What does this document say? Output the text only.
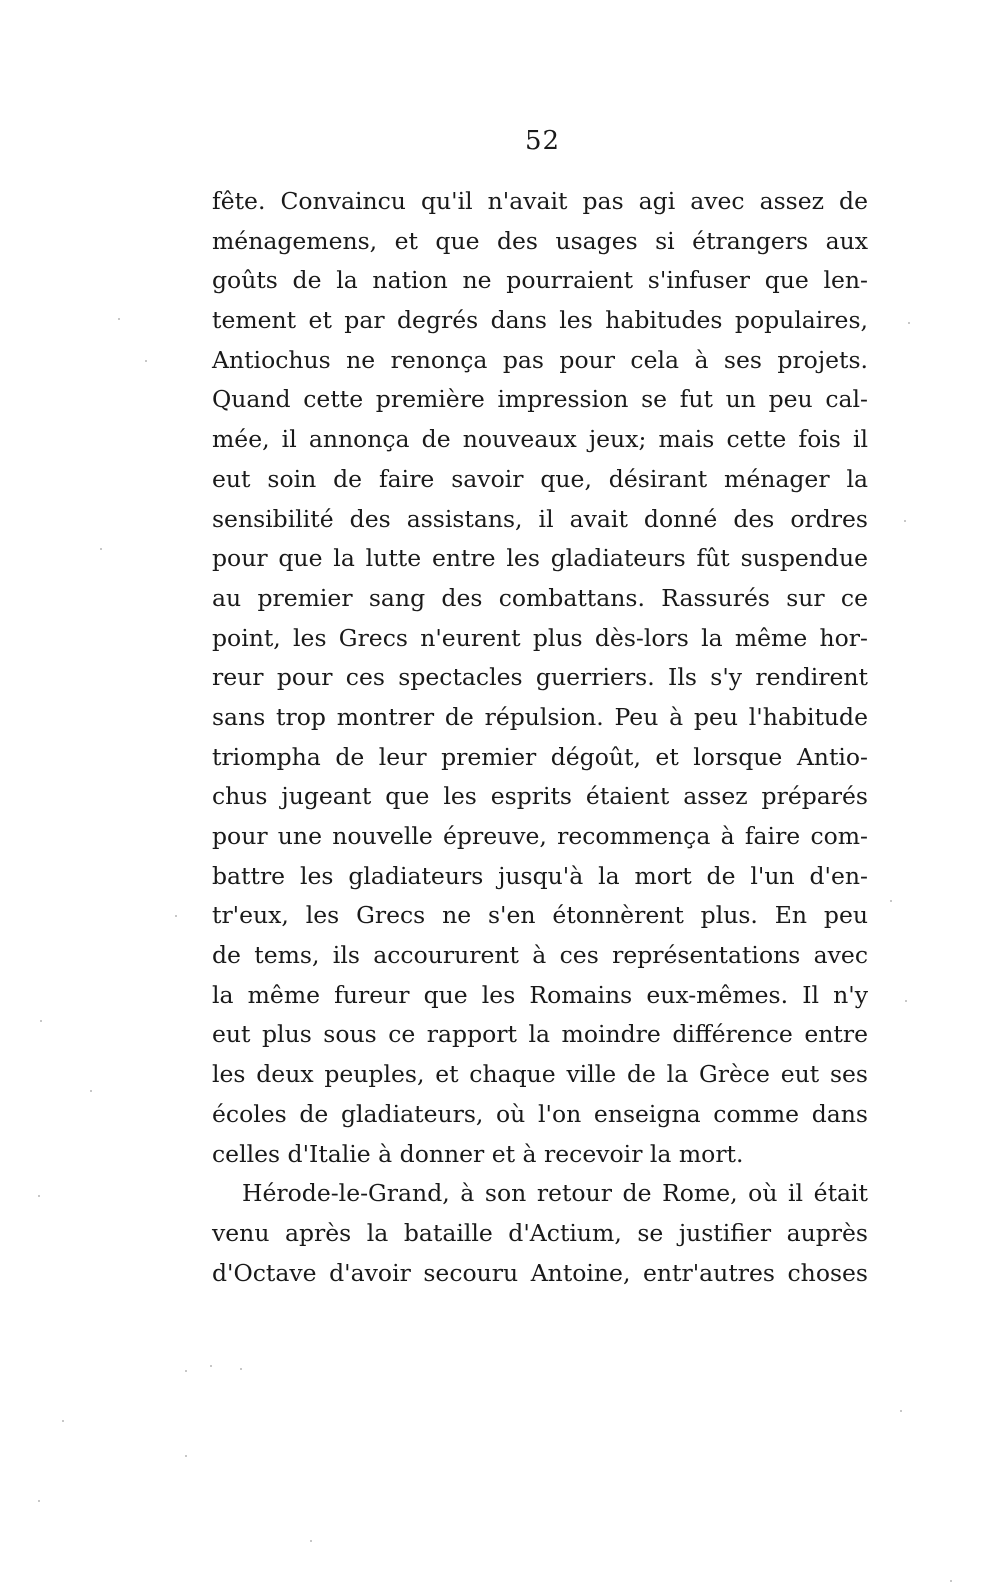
52
fête. Convaincu qu'il n'avait pas agi avec assez de
ménagemens, et que des usages si étrangers aux
goûts de la nation ne pourraient s'infuser que len-
tement et par degrés dans les habitudes populaires,
Antiochus ne renonça pas pour cela à ses projets.
Quand cette première impression se fut un peu cal-
mée, il annonça de nouveaux jeux; mais cette fois il
eut soin de faire savoir que, désirant ménager la
sensibilité des assistans, il avait donné des ordres
pour que la lutte entre les gladiateurs fût suspendue
au premier sang des combattans. Rassurés sur ce
point, les Grecs n'eurent plus dès-lors la même hor-
reur pour ces spectacles guerriers. Ils s'y rendirent
sans trop montrer de répulsion. Peu à peu l'habitude
triompha de leur premier dégoût, et lorsque Antio-
chus jugeant que les esprits étaient assez préparés
pour une nouvelle épreuve, recommença à faire com-
battre les gladiateurs jusqu'à la mort de l'un d'en-
tr'eux, les Grecs ne s'en étonnèrent plus. En peu
de tems, ils accoururent à ces représentations avec
la même fureur que les Romains eux-mêmes. Il n'y
eut plus sous ce rapport la moindre différence entre
les deux peuples, et chaque ville de la Grèce eut ses
écoles de gladiateurs, où l'on enseigna comme dans
celles d'Italie à donner et à recevoir la mort.
Hérode-le-Grand, à son retour de Rome, où il était
venu après la bataille d'Actium, se justifier auprès
d'Octave d'avoir secouru Antoine, entr'autres choses
